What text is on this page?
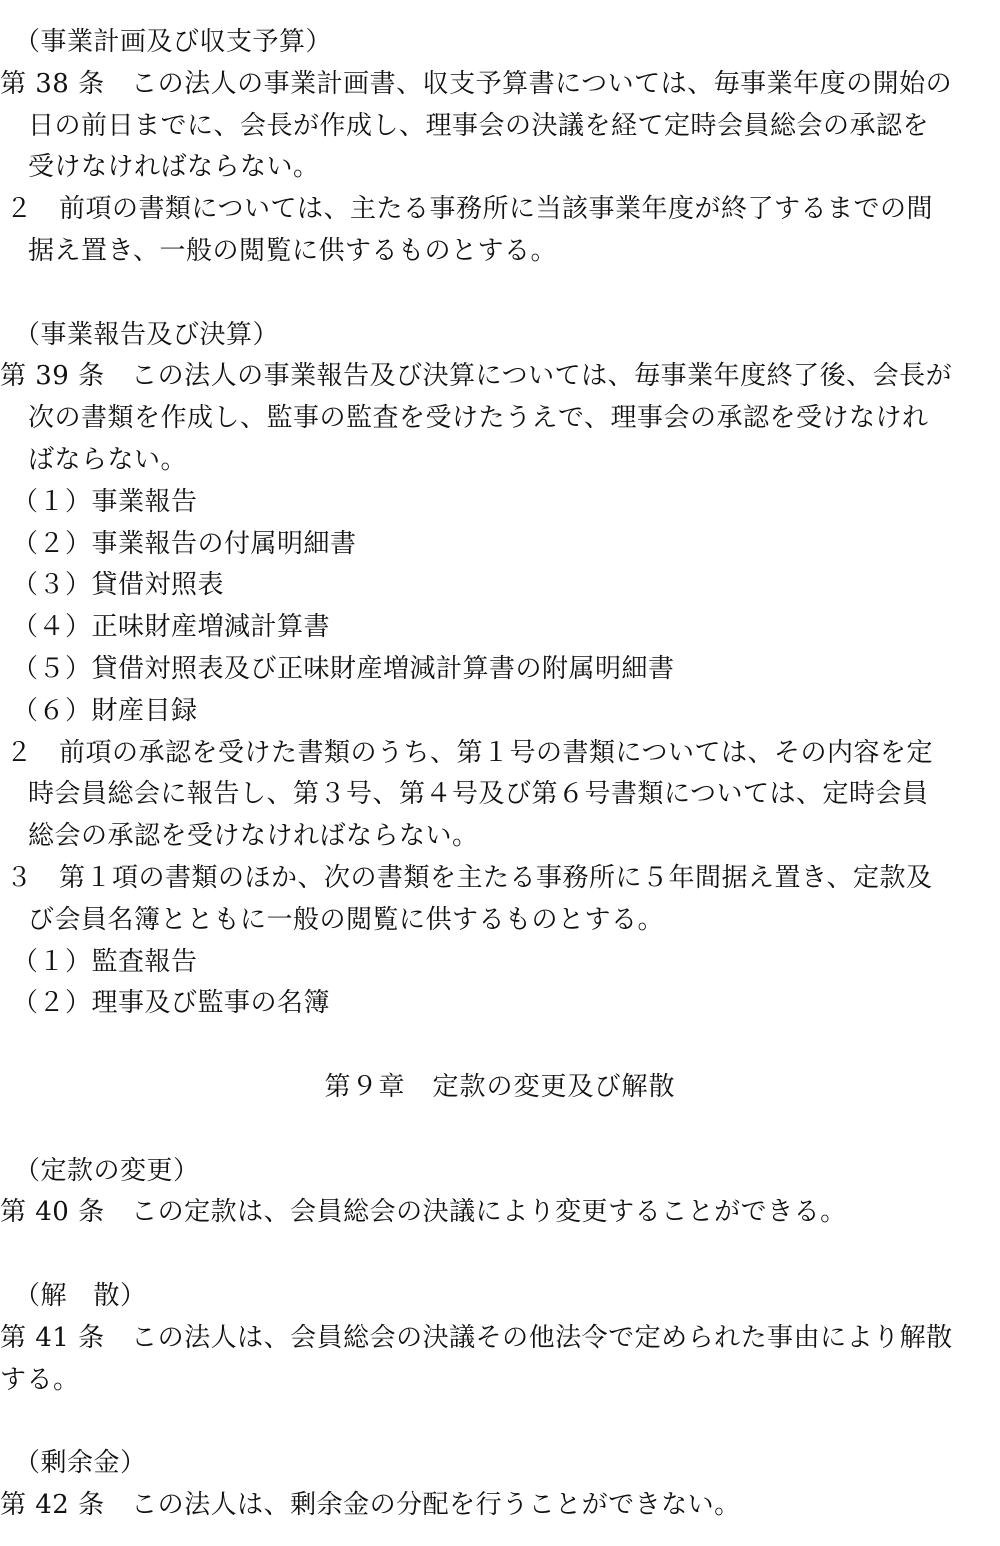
（事業計画及び収支予算）
第 38 条　この法人の事業計画書、収支予算書については、毎事業年度の開始の
日の前日までに、会長が作成し、理事会の決議を経て定時会員総会の承認を
受けなければならない。
２　前項の書類については、主たる事務所に当該事業年度が終了するまでの間
据え置き、一般の閲覧に供するものとする。
（事業報告及び決算）
第 39 条　この法人の事業報告及び決算については、毎事業年度終了後、会長が
次の書類を作成し、監事の監査を受けたうえで、理事会の承認を受けなけれ
ばならない。
（１）事業報告
（２）事業報告の付属明細書
（３）貸借対照表
（４）正味財産増減計算書
（５）貸借対照表及び正味財産増減計算書の附属明細書
（６）財産目録
２　前項の承認を受けた書類のうち、第１号の書類については、その内容を定
時会員総会に報告し、第３号、第４号及び第６号書類については、定時会員
総会の承認を受けなければならない。
３　第１項の書類のほか、次の書類を主たる事務所に５年間据え置き、定款及
び会員名簿とともに一般の閲覧に供するものとする。
（１）監査報告
（２）理事及び監事の名簿
第９章　定款の変更及び解散
（定款の変更）
第 40 条　この定款は、会員総会の決議により変更することができる。
（解　散）
第 41 条　この法人は、会員総会の決議その他法令で定められた事由により解散
する。
（剰余金）
第 42 条　この法人は、剰余金の分配を行うことができない。
